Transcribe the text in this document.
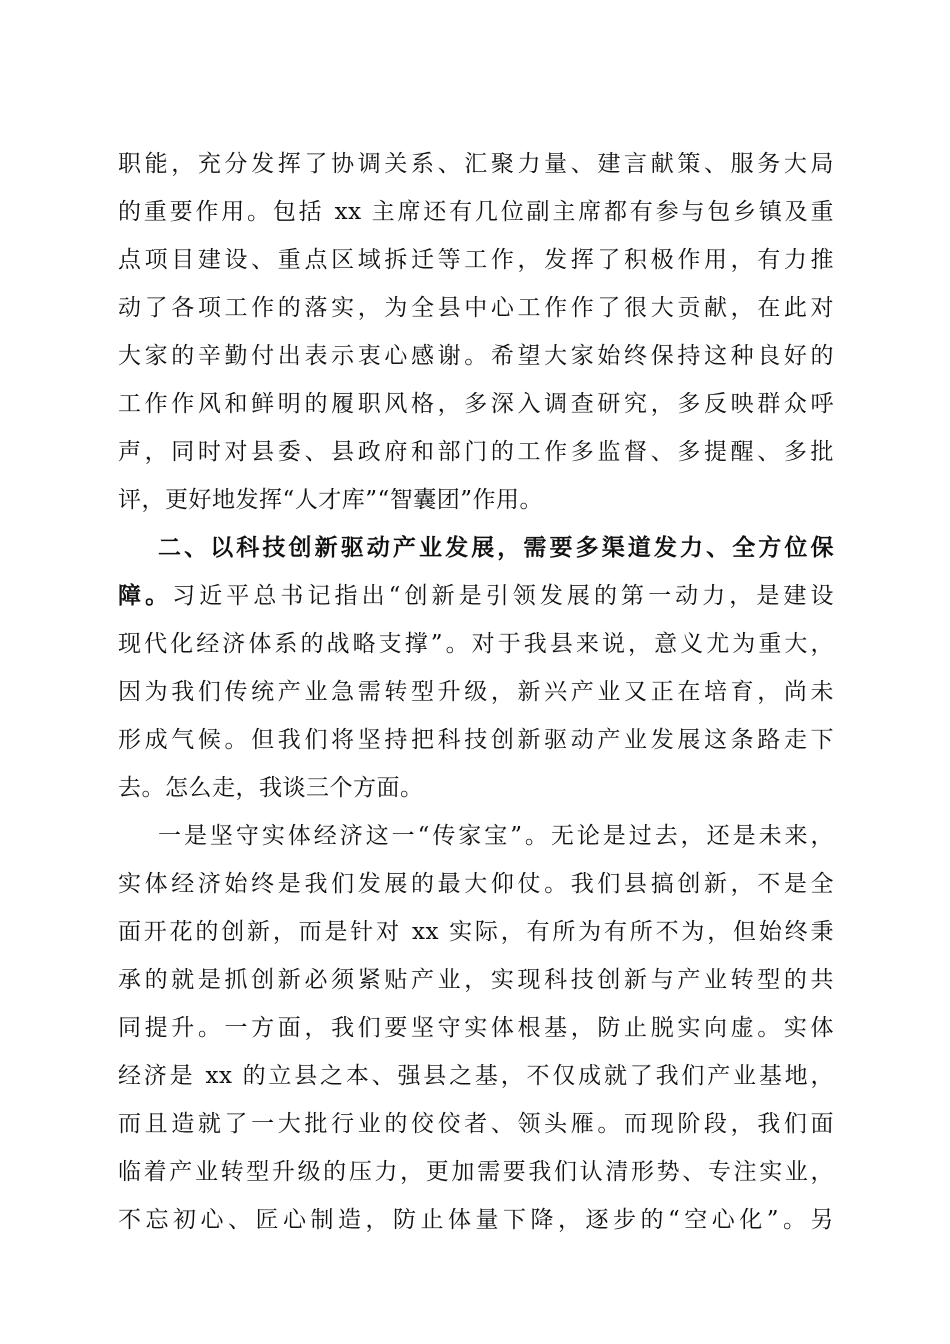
职能，充分发挥了协调关系、汇聚力量、建言献策、服务大局
的重要作用。包括 xx 主席还有几位副主席都有参与包乡镇及重
点项目建设、重点区域拆迁等工作，发挥了积极作用，有力推
动了各项工作的落实，为全县中心工作作了很大贡献，在此对
大家的辛勤付出表示衷心感谢。希望大家始终保持这种良好的
工作作风和鲜明的履职风格，多深入调查研究，多反映群众呼
声，同时对县委、县政府和部门的工作多监督、多提醒、多批
评，更好地发挥“人才库”“智囊团”作用。
二、以科技创新驱动产业发展，需要多渠道发力、全方位保
障。习近平总书记指出“创新是引领发展的第一动力，是建设
现代化经济体系的战略支撑”。对于我县来说，意义尤为重大，
因为我们传统产业急需转型升级，新兴产业又正在培育，尚未
形成气候。但我们将坚持把科技创新驱动产业发展这条路走下
去。怎么走，我谈三个方面。
一是坚守实体经济这一“传家宝”。无论是过去，还是未来，
实体经济始终是我们发展的最大仰仗。我们县搞创新，不是全
面开花的创新，而是针对 xx 实际，有所为有所不为，但始终秉
承的就是抓创新必须紧贴产业，实现科技创新与产业转型的共
同提升。一方面，我们要坚守实体根基，防止脱实向虚。实体
经济是 xx 的立县之本、强县之基，不仅成就了我们产业基地，
而且造就了一大批行业的佼佼者、领头雁。而现阶段，我们面
临着产业转型升级的压力，更加需要我们认清形势、专注实业，
不忘初心、匠心制造，防止体量下降，逐步的“空心化”。另
